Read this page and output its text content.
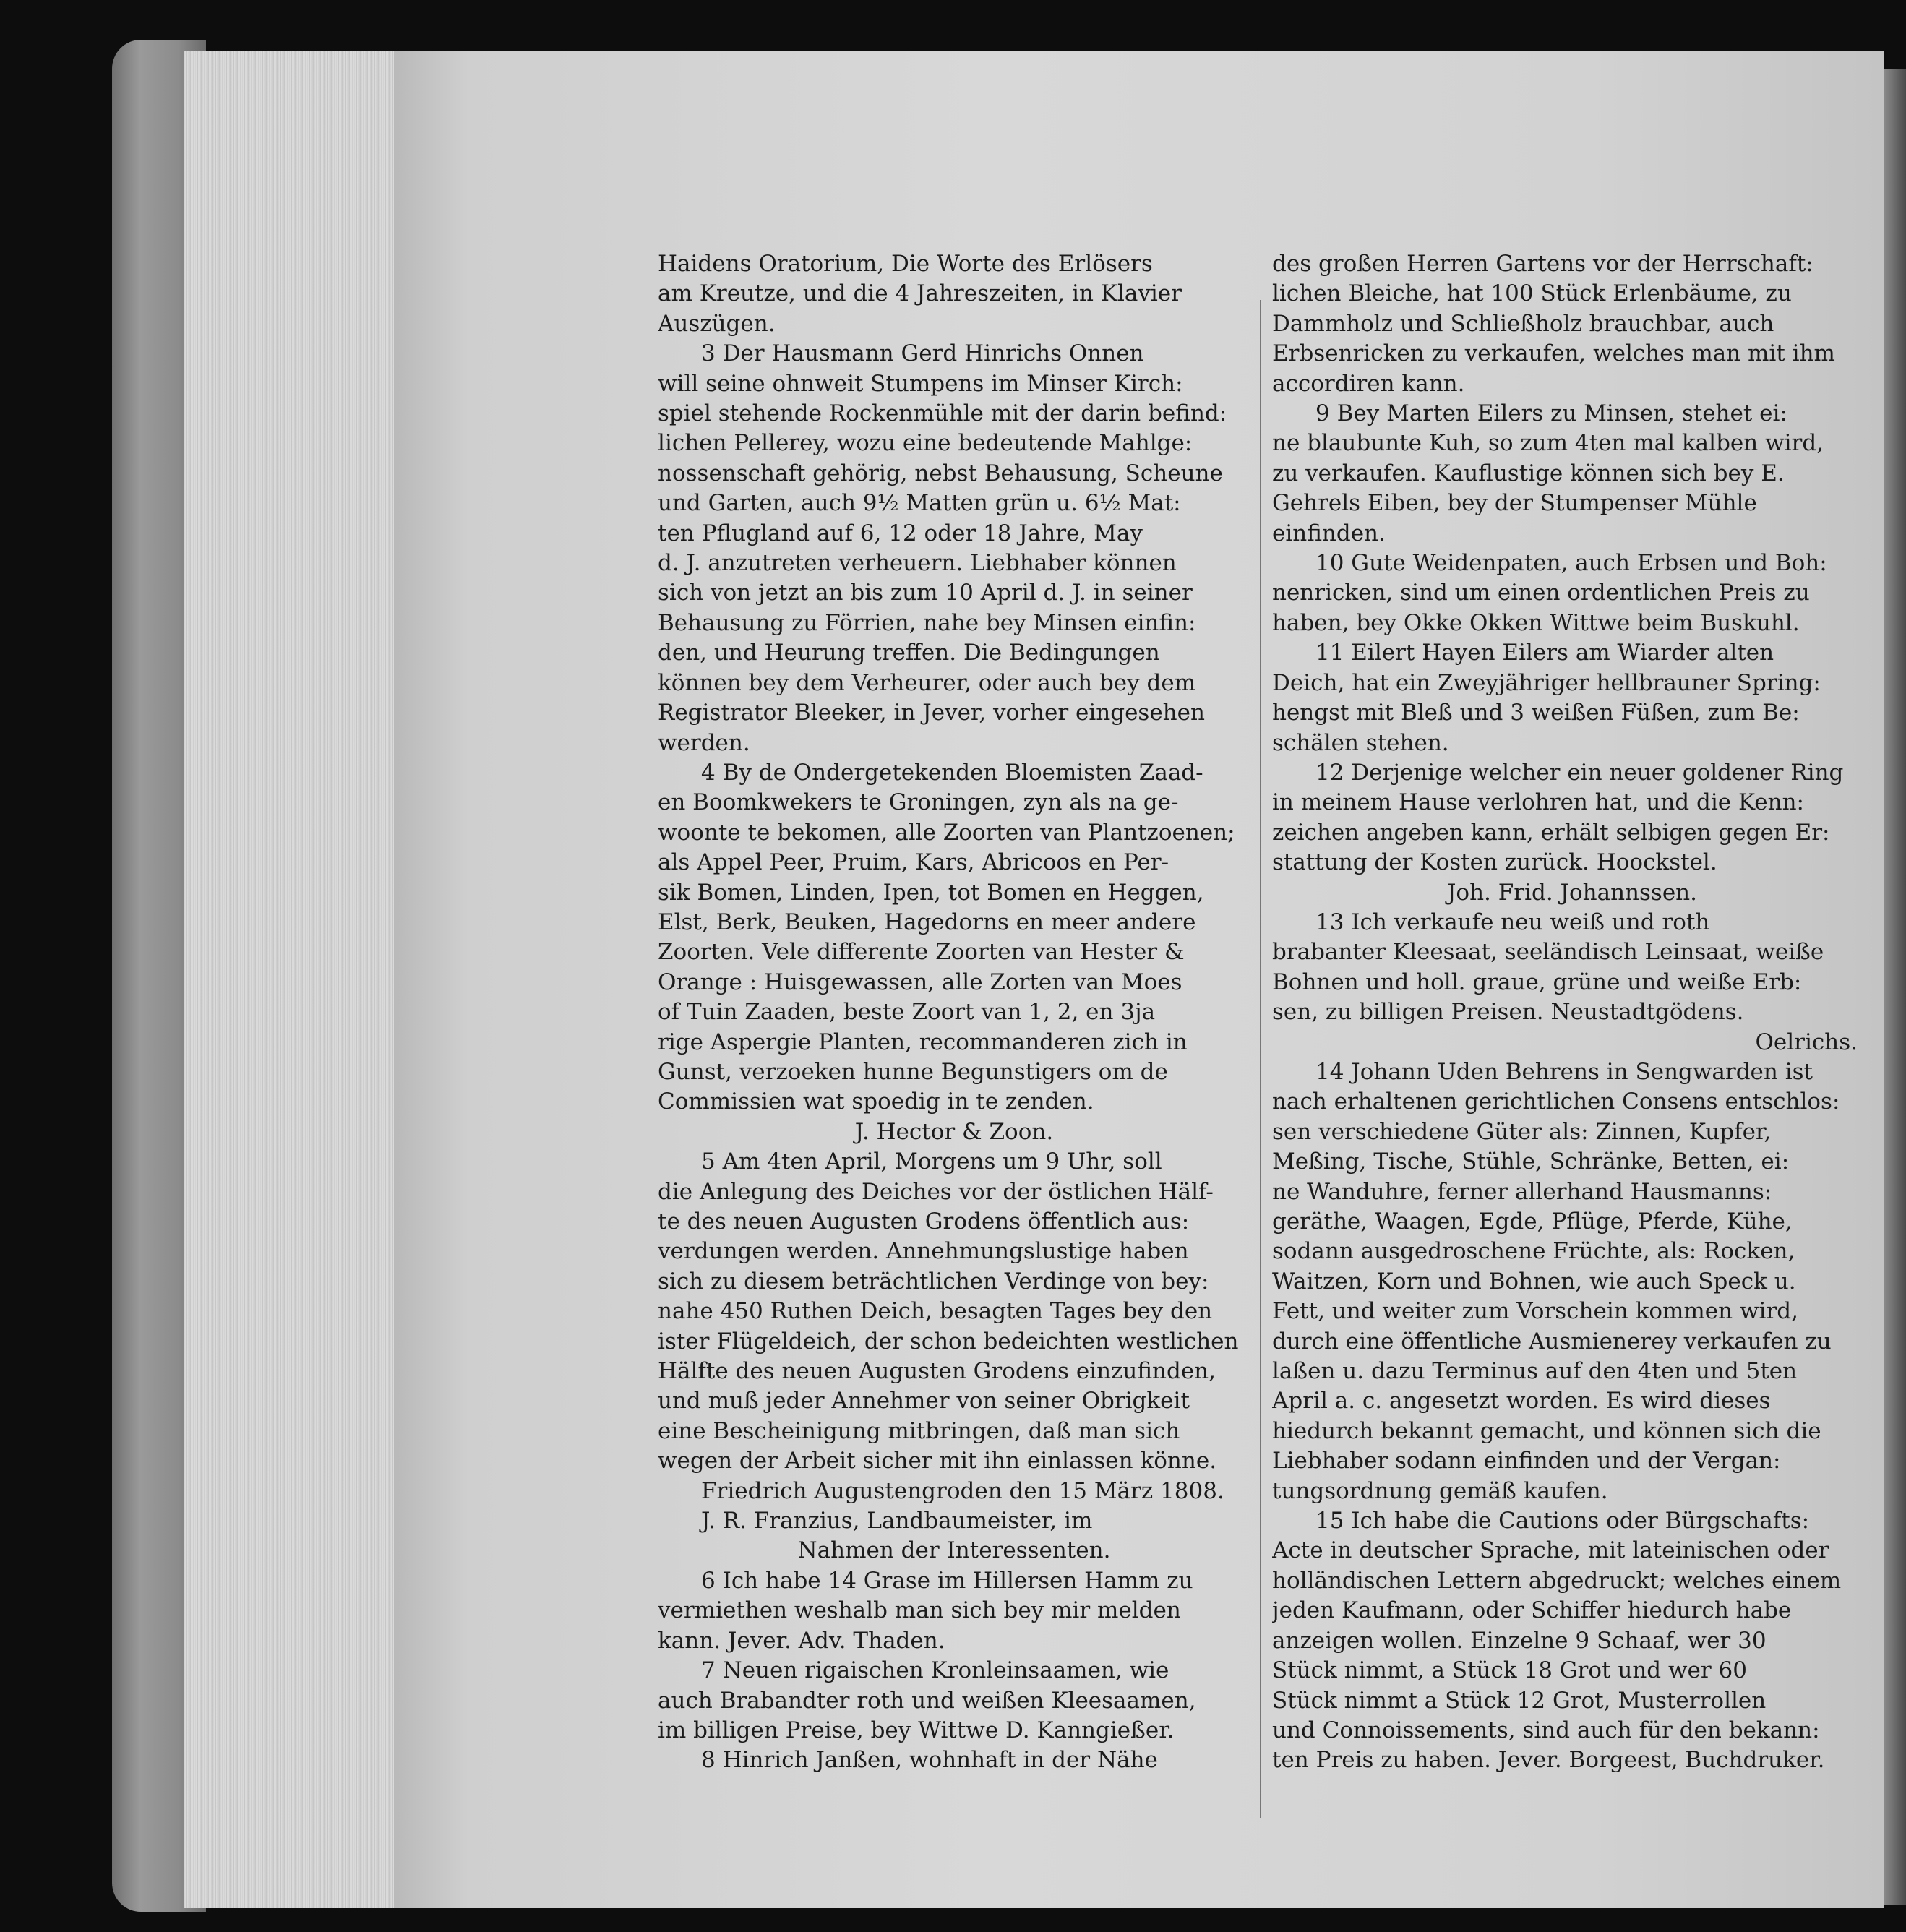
Haidens Oratorium, Die Worte des Erlösers
am Kreutze, und die 4 Jahreszeiten, in Klavier
Auszügen.
3 Der Hausmann Gerd Hinrichs Onnen
will seine ohnweit Stumpens im Minser Kirch:
spiel stehende Rockenmühle mit der darin befind:
lichen Pellerey, wozu eine bedeutende Mahlge:
nossenschaft gehörig, nebst Behausung, Scheune
und Garten, auch 9½ Matten grün u. 6½ Mat:
ten Pflugland auf 6, 12 oder 18 Jahre, May
d. J. anzutreten verheuern. Liebhaber können
sich von jetzt an bis zum 10 April d. J. in seiner
Behausung zu Förrien, nahe bey Minsen einfin:
den, und Heurung treffen. Die Bedingungen
können bey dem Verheurer, oder auch bey dem
Registrator Bleeker, in Jever, vorher eingesehen
werden.
4 By de Ondergetekenden Bloemisten Zaad-
en Boomkwekers te Groningen, zyn als na ge-
woonte te bekomen, alle Zoorten van Plantzoenen;
als Appel Peer, Pruim, Kars, Abricoos en Per-
sik Bomen, Linden, Ipen, tot Bomen en Heggen,
Elst, Berk, Beuken, Hagedorns en meer andere
Zoorten. Vele differente Zoorten van Hester &
Orange : Huisgewassen, alle Zorten van Moes
of Tuin Zaaden, beste Zoort van 1, 2, en 3ja
rige Aspergie Planten, recommanderen zich in
Gunst, verzoeken hunne Begunstigers om de
Commissien wat spoedig in te zenden.
J. Hector & Zoon.
5 Am 4ten April, Morgens um 9 Uhr, soll
die Anlegung des Deiches vor der östlichen Hälf-
te des neuen Augusten Grodens öffentlich aus:
verdungen werden. Annehmungslustige haben
sich zu diesem beträchtlichen Verdinge von bey:
nahe 450 Ruthen Deich, besagten Tages bey den
ister Flügeldeich, der schon bedeichten westlichen
Hälfte des neuen Augusten Grodens einzufinden,
und muß jeder Annehmer von seiner Obrigkeit
eine Bescheinigung mitbringen, daß man sich
wegen der Arbeit sicher mit ihn einlassen könne.
Friedrich Augustengroden den 15 März 1808.
J. R. Franzius, Landbaumeister, im
Nahmen der Interessenten.
6 Ich habe 14 Grase im Hillersen Hamm zu
vermiethen weshalb man sich bey mir melden
kann. Jever. Adv. Thaden.
7 Neuen rigaischen Kronleinsaamen, wie
auch Brabandter roth und weißen Kleesaamen,
im billigen Preise, bey Wittwe D. Kanngießer.
8 Hinrich Janßen, wohnhaft in der Nähe
des großen Herren Gartens vor der Herrschaft:
lichen Bleiche, hat 100 Stück Erlenbäume, zu
Dammholz und Schließholz brauchbar, auch
Erbsenricken zu verkaufen, welches man mit ihm
accordiren kann.
9 Bey Marten Eilers zu Minsen, stehet ei:
ne blaubunte Kuh, so zum 4ten mal kalben wird,
zu verkaufen. Kauflustige können sich bey E.
Gehrels Eiben, bey der Stumpenser Mühle
einfinden.
10 Gute Weidenpaten, auch Erbsen und Boh:
nenricken, sind um einen ordentlichen Preis zu
haben, bey Okke Okken Wittwe beim Buskuhl.
11 Eilert Hayen Eilers am Wiarder alten
Deich, hat ein Zweyjähriger hellbrauner Spring:
hengst mit Bleß und 3 weißen Füßen, zum Be:
schälen stehen.
12 Derjenige welcher ein neuer goldener Ring
in meinem Hause verlohren hat, und die Kenn:
zeichen angeben kann, erhält selbigen gegen Er:
stattung der Kosten zurück. Hoockstel.
Joh. Frid. Johannssen.
13 Ich verkaufe neu weiß und roth
brabanter Kleesaat, seeländisch Leinsaat, weiße
Bohnen und holl. graue, grüne und weiße Erb:
sen, zu billigen Preisen. Neustadtgödens.
Oelrichs.
14 Johann Uden Behrens in Sengwarden ist
nach erhaltenen gerichtlichen Consens entschlos:
sen verschiedene Güter als: Zinnen, Kupfer,
Meßing, Tische, Stühle, Schränke, Betten, ei:
ne Wanduhre, ferner allerhand Hausmanns:
geräthe, Waagen, Egde, Pflüge, Pferde, Kühe,
sodann ausgedroschene Früchte, als: Rocken,
Waitzen, Korn und Bohnen, wie auch Speck u.
Fett, und weiter zum Vorschein kommen wird,
durch eine öffentliche Ausmienerey verkaufen zu
laßen u. dazu Terminus auf den 4ten und 5ten
April a. c. angesetzt worden. Es wird dieses
hiedurch bekannt gemacht, und können sich die
Liebhaber sodann einfinden und der Vergan:
tungsordnung gemäß kaufen.
15 Ich habe die Cautions oder Bürgschafts:
Acte in deutscher Sprache, mit lateinischen oder
holländischen Lettern abgedruckt; welches einem
jeden Kaufmann, oder Schiffer hiedurch habe
anzeigen wollen. Einzelne 9 Schaaf, wer 30
Stück nimmt, a Stück 18 Grot und wer 60
Stück nimmt a Stück 12 Grot, Musterrollen
und Connoissements, sind auch für den bekann:
ten Preis zu haben. Jever. Borgeest, Buchdruker.
